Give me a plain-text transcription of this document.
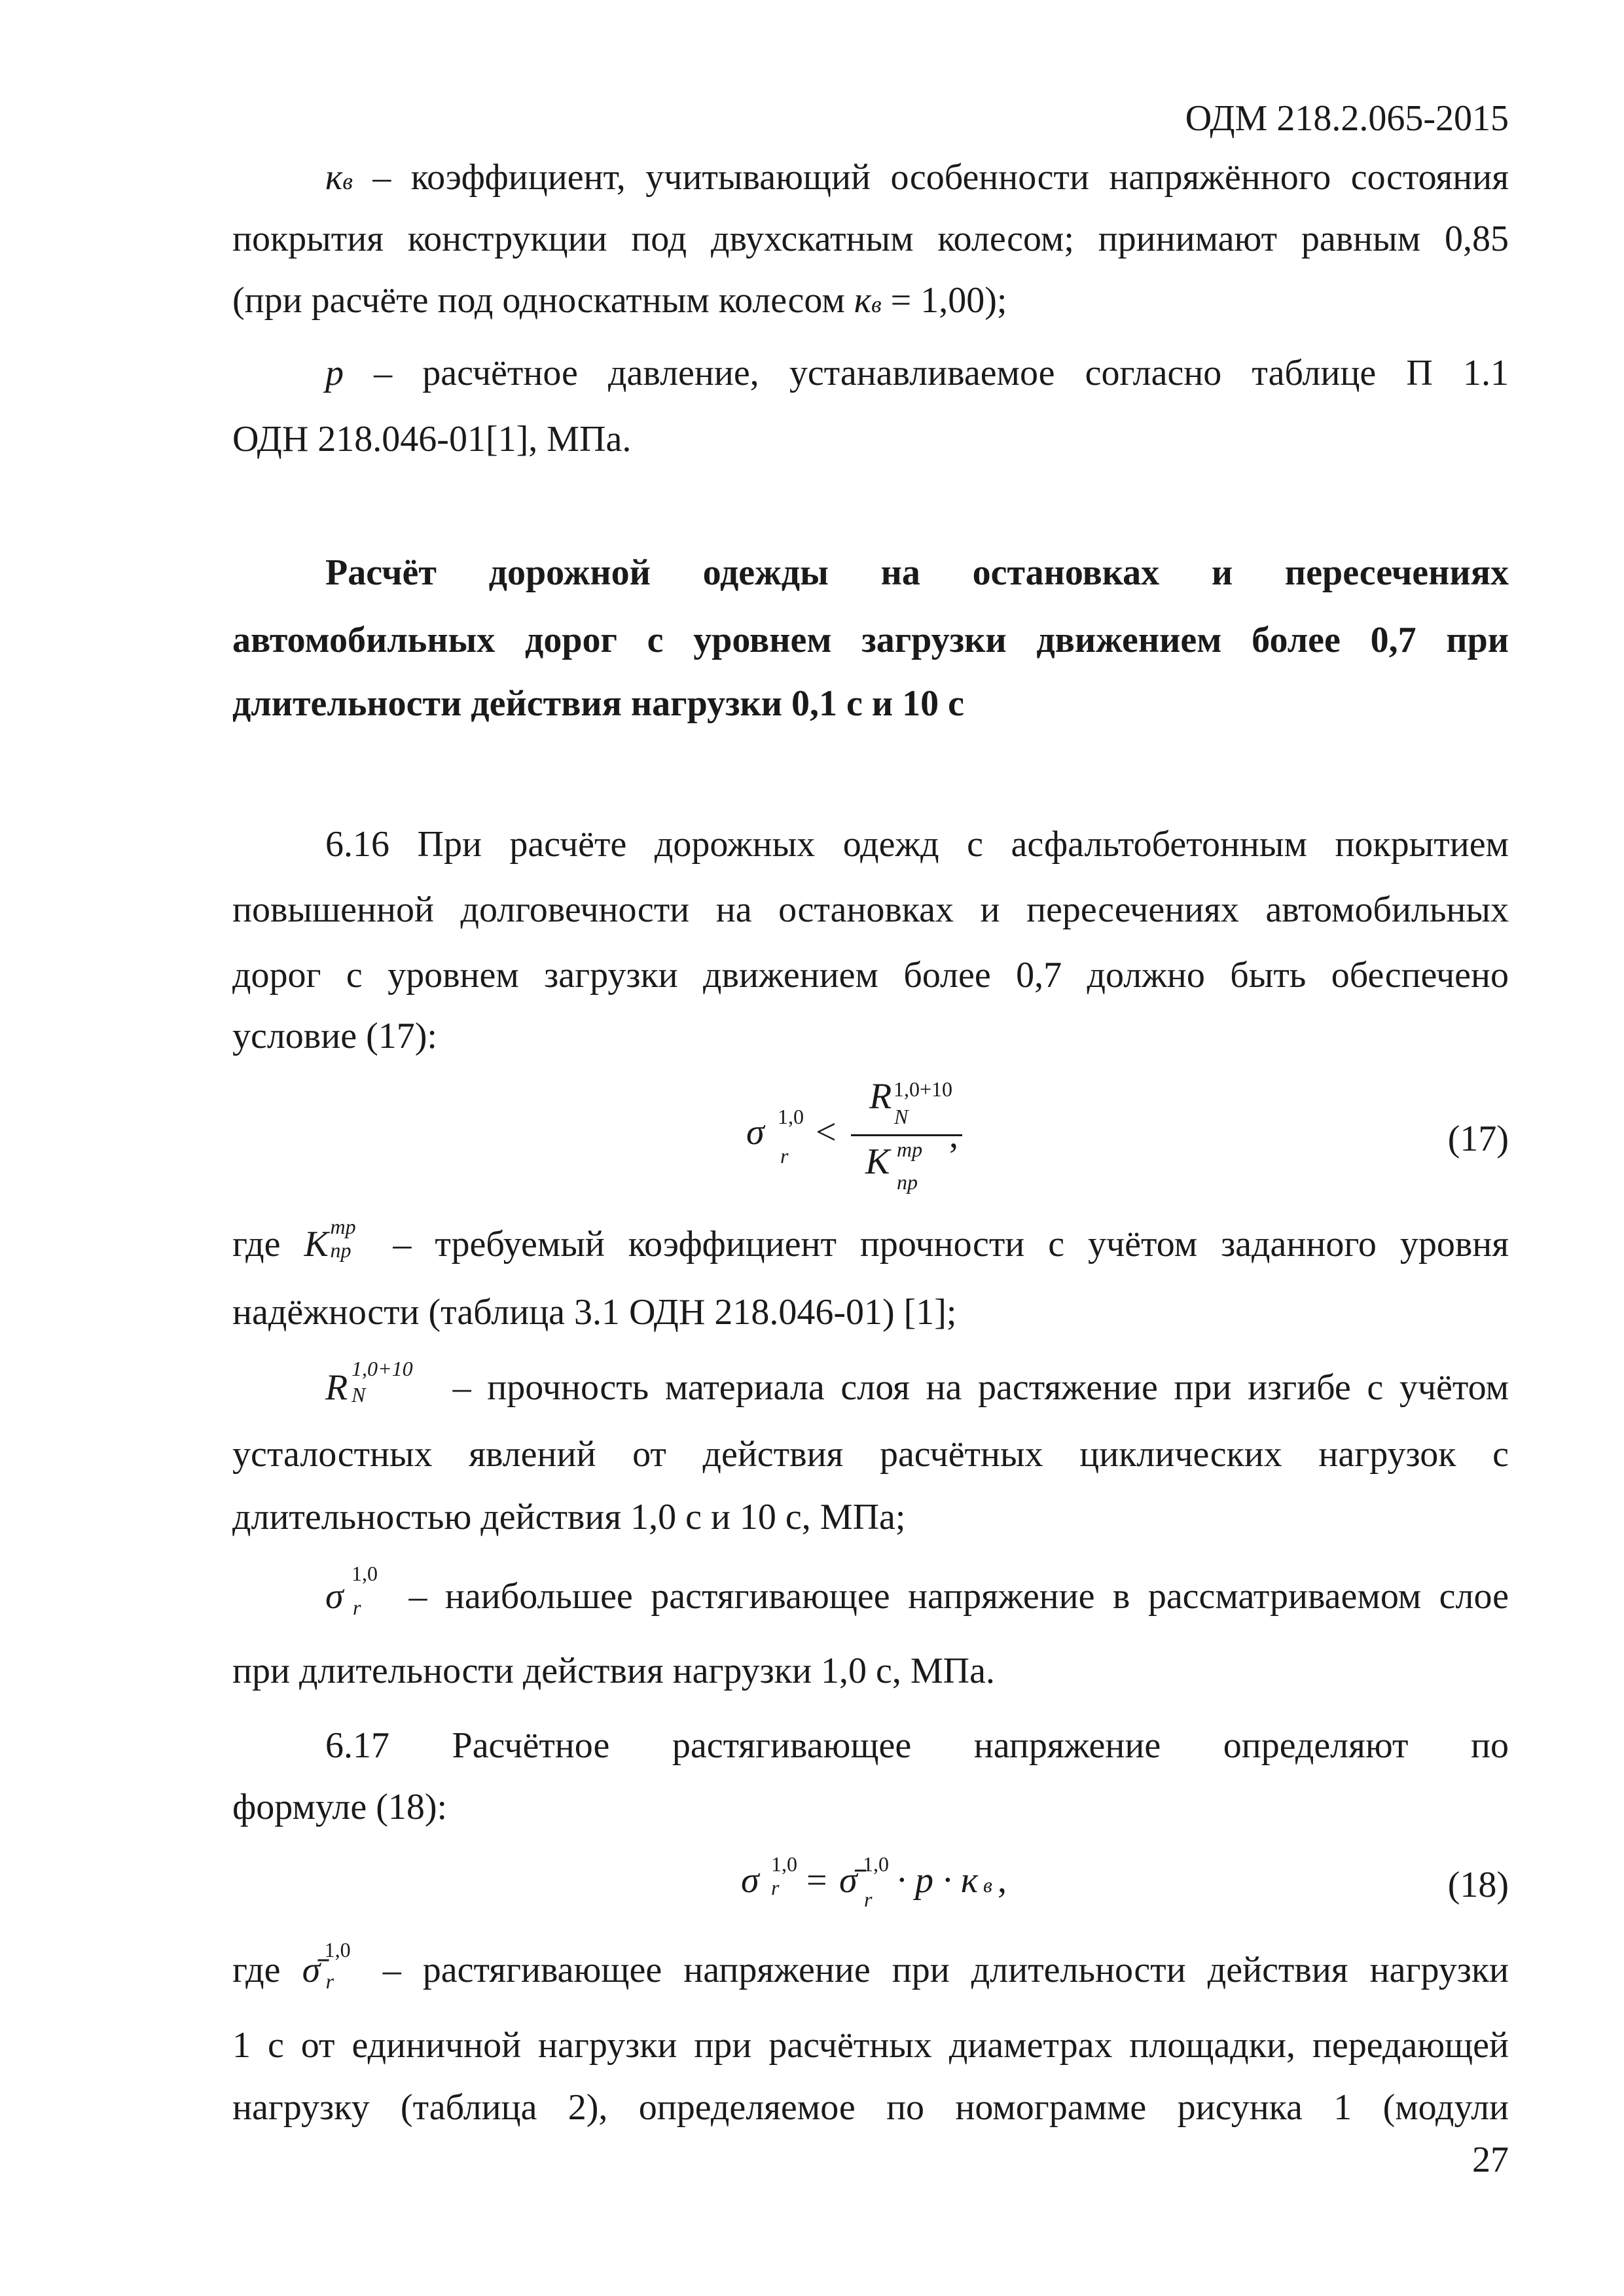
ОДМ 218.2.065-2015
кв – коэффициент, учитывающий особенности напряжённого состояния
покрытия конструкции под двухскатным колесом; принимают равным 0,85
(при расчёте под односкатным колесом кв = 1,00);
p – расчётное давление, устанавливаемое согласно таблице П 1.1
ОДН 218.046-01[1], МПа.
Расчёт дорожной одежды на остановках и пересечениях
автомобильных дорог с уровнем загрузки движением более 0,7 при
длительности действия нагрузки 0,1 с и 10 с
6.16 При расчёте дорожных одежд с асфальтобетонным покрытием
повышенной долговечности на остановках и пересечениях автомобильных
дорог с уровнем загрузки движением более 0,7 должно быть обеспечено
условие (17):
σ 1,0
r
<
R 1,0+10
N
K тр
пр
,	(17)
где K тр
пр – требуемый коэффициент прочности с учётом заданного уровня
надёжности (таблица 3.1 ОДН 218.046-01) [1];
R 1,0+10
N – прочность материала слоя на растяжение при изгибе с учётом
усталостных явлений от действия расчётных циклических нагрузок с
длительностью действия 1,0 с и 10 с, МПа;
σ
1,0
r – наибольшее растягивающее напряжение в рассматриваемом слое
при длительности действия нагрузки 1,0 с, МПа.
6.17 Расчётное растягивающее напряжение определяют по
формуле (18):
σ 1,0
r = σ̄ 1,0
r · p · к в ,	(18)
где σ̄ 1,0
r – растягивающее напряжение при длительности действия нагрузки
1 с от единичной нагрузки при расчётных диаметрах площадки, передающей
нагрузку (таблица 2), определяемое по номограмме рисунка 1 (модули
27
